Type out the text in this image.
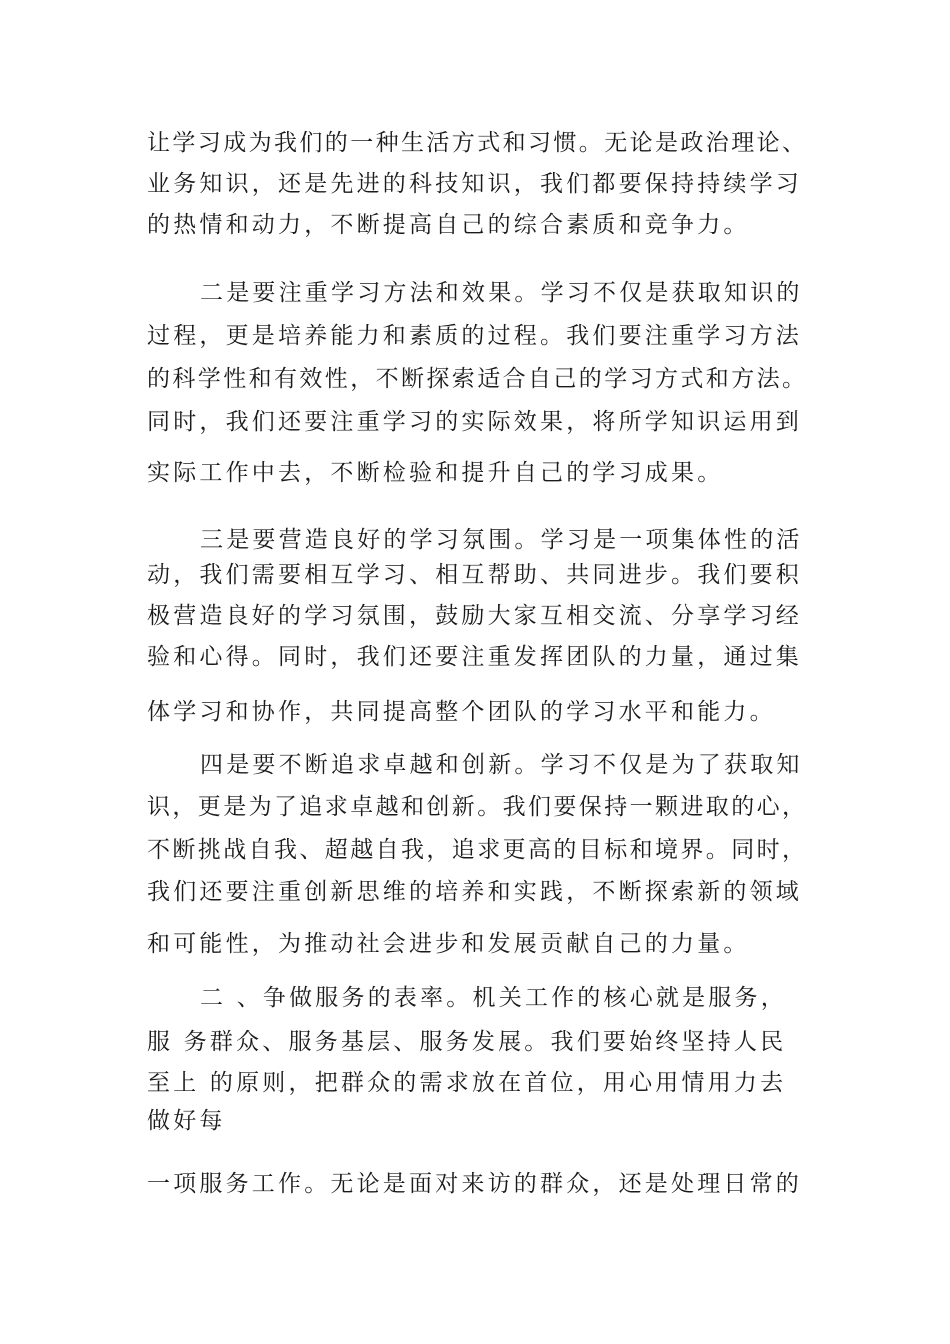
让学习成为我们的一种生活方式和习惯。无论是政治理论、
业务知识，还是先进的科技知识，我们都要保持持续学习
的热情和动力，不断提高自己的综合素质和竞争力。
二是要注重学习方法和效果。学习不仅是获取知识的
过程，更是培养能力和素质的过程。我们要注重学习方法
的科学性和有效性，不断探索适合自己的学习方式和方法。
同时，我们还要注重学习的实际效果，将所学知识运用到
实际工作中去，不断检验和提升自己的学习成果。
三是要营造良好的学习氛围。学习是一项集体性的活
动，我们需要相互学习、相互帮助、共同进步。我们要积
极营造良好的学习氛围，鼓励大家互相交流、分享学习经
验和心得。同时，我们还要注重发挥团队的力量，通过集
体学习和协作，共同提高整个团队的学习水平和能力。
四是要不断追求卓越和创新。学习不仅是为了获取知
识，更是为了追求卓越和创新。我们要保持一颗进取的心，
不断挑战自我、超越自我，追求更高的目标和境界。同时，
我们还要注重创新思维的培养和实践，不断探索新的领域
和可能性，为推动社会进步和发展贡献自己的力量。
二 、争做服务的表率。机关工作的核心就是服务，
服 务群众、服务基层、服务发展。我们要始终坚持人民
至上 的原则，把群众的需求放在首位，用心用情用力去
做好每
一项服务工作。无论是面对来访的群众，还是处理日常的
